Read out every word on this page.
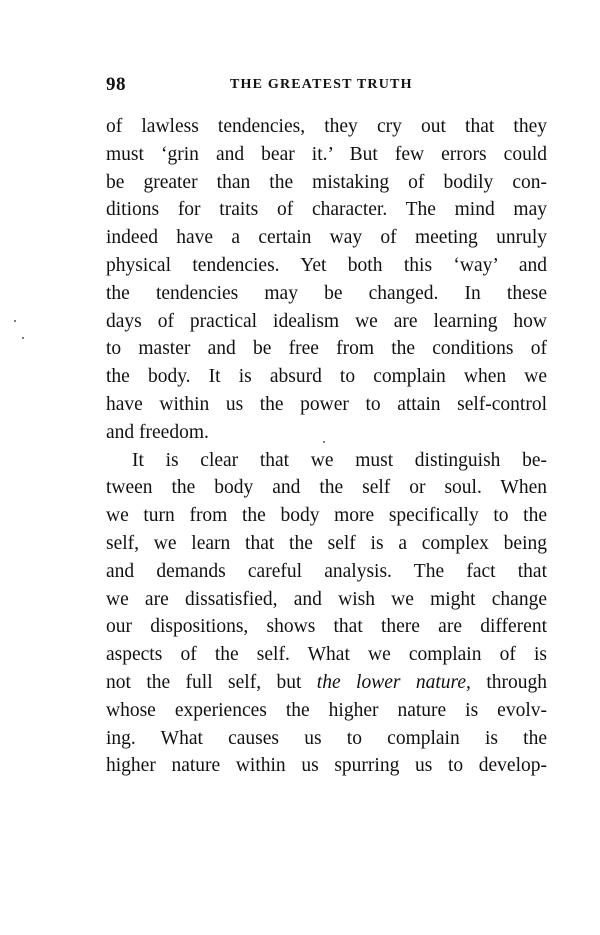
98	THE GREATEST TRUTH
of lawless tendencies, they cry out that they
must ‘grin and bear it.’ But few errors could
be greater than the mistaking of bodily con-
ditions for traits of character. The mind may
indeed have a certain way of meeting unruly
physical tendencies. Yet both this ‘way’ and
the tendencies may be changed. In these
days of practical idealism we are learning how
to master and be free from the conditions of
the body. It is absurd to complain when we
have within us the power to attain self-control
and freedom.
It is clear that we must distinguish be-
tween the body and the self or soul. When
we turn from the body more specifically to the
self, we learn that the self is a complex being
and demands careful analysis. The fact that
we are dissatisfied, and wish we might change
our dispositions, shows that there are different
aspects of the self. What we complain of is
not the full self, but the lower nature, through
whose experiences the higher nature is evolv-
ing. What causes us to complain is the
higher nature within us spurring us to develop-
